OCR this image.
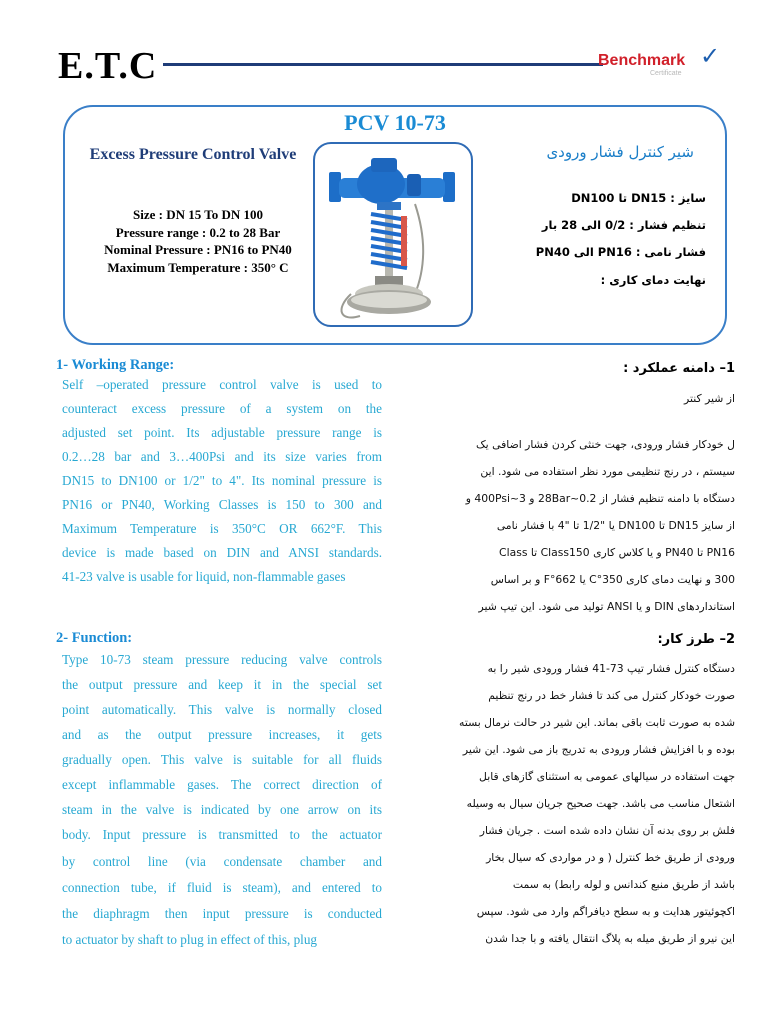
E.T.C	Benchmark ✓
Certificate
PCV 10-73
Excess Pressure Control Valve
Size : DN 15 To DN 100
Pressure range : 0.2 to 28 Bar
Nominal Pressure : PN16 to PN40
Maximum Temperature : 350° C
شیر کنترل فشار ورودی
سایز : DN15 تا DN100
تنظیم فشار : 0/2 الی 28 بار
فشار نامی : PN16 الی PN40
نهایت دمای کاری :
1- Working Range:
Self –operated pressure control valve is used to
counteract excess pressure of a system on the
adjusted set point. Its adjustable pressure range is
0.2…28 bar and 3…400Psi and its size varies from
DN15 to DN100 or 1/2" to 4". Its nominal pressure is
PN16 or PN40, Working Classes is 150 to 300 and
Maximum Temperature is 350°C OR 662°F. This
device is made based on DIN and ANSI standards.
41-23 valve is usable for liquid, non-flammable gases
2- Function:
Type 10-73 steam pressure reducing valve controls
the output pressure and keep it in the special set
point automatically. This valve is normally closed
and as the output pressure increases, it gets
gradually open. This valve is suitable for all fluids
except inflammable gases. The correct direction of
steam in the valve is indicated by one arrow on its
body. Input pressure is transmitted to the actuator
by control line (via condensate chamber and
connection tube, if fluid is steam), and entered to
the diaphragm then input pressure is conducted
to actuator by shaft to plug in effect of this, plug
1– دامنه عملکرد :
از شیر کنتر
ل خودکار فشار ورودی، جهت خنثی کردن فشار اضافی یک
سیستم ، در رنج تنظیمی مورد نظر استفاده می شود. این
دستگاه با دامنه تنظیم فشار از 0.2~28Bar و 3~400Psi و
از سایز DN15 تا DN100 یا "1/2 تا "4 با فشار نامی
PN16 تا PN40 و یا کلاس کاری Class150 تا Class
300 و نهایت دمای کاری 350°C یا 662°F و بر اساس
استانداردهای DIN و یا ANSI تولید می شود. این تیپ شیر
2– طرز کار:
دستگاه کنترل فشار تیپ 73-41 فشار ورودی شیر را به
صورت خودکار کنترل می کند تا فشار خط در رنج تنظیم
شده به صورت ثابت باقی بماند. این شیر در حالت نرمال بسته
بوده و با افزایش فشار ورودی به تدریج باز می شود. این شیر
جهت استفاده در سیالهای عمومی به استثنای گازهای قابل
اشتعال مناسب می باشد. جهت صحیح جریان سیال به وسیله
فلش بر روی بدنه آن نشان داده شده است . جریان فشار
ورودی از طریق خط کنترل ( و در مواردی که سیال بخار
باشد از طریق منبع کندانس و لوله رابط) به سمت
اکچوئیتور هدایت و به سطح دیافراگم وارد می شود. سپس
این نیرو از طریق میله به پلاگ انتقال یافته و با جدا شدن
